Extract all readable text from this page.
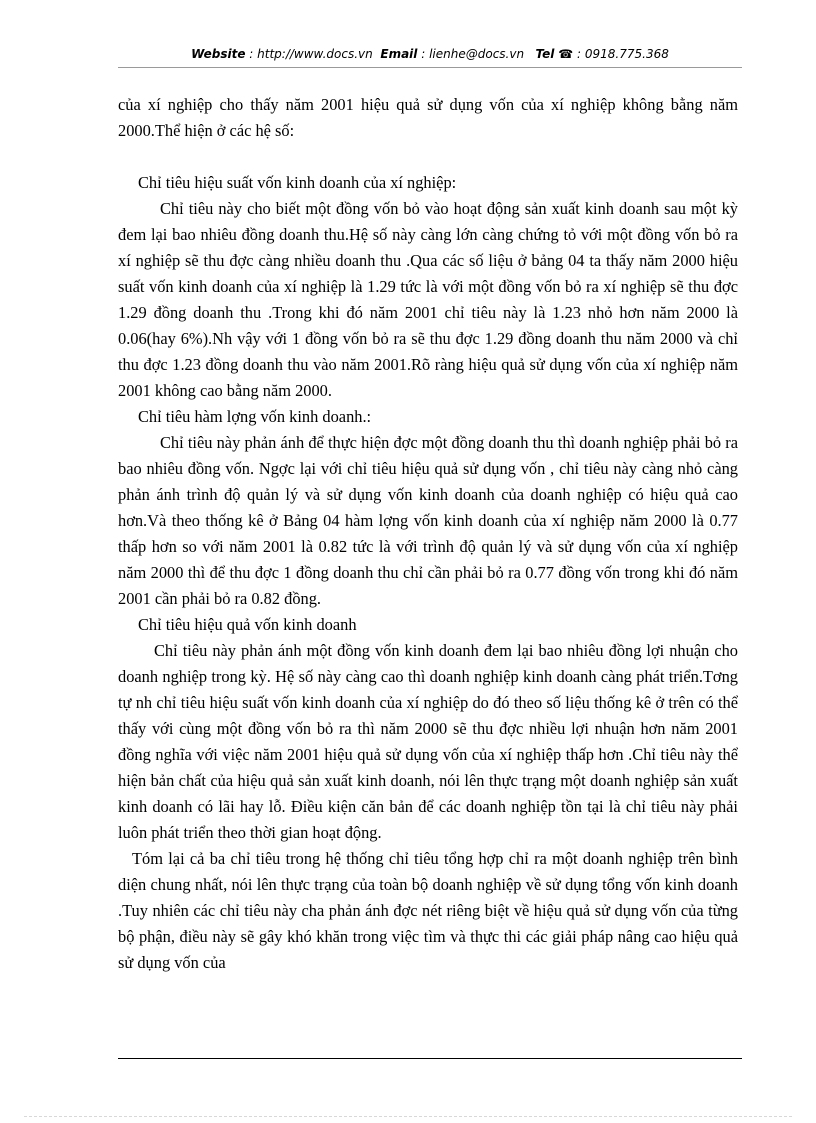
Website : http://www.docs.vn Email : lienhe@docs.vn Tel ☎ : 0918.775.368

của xí nghiệp cho thấy năm 2001 hiệu quả sử dụng vốn của xí nghiệp không bằng năm 2000.Thể hiện ở các hệ số:

Chỉ tiêu hiệu suất vốn kinh doanh của xí nghiệp:

Chỉ tiêu này cho biết một đồng vốn bỏ vào hoạt động sản xuất kinh doanh sau một kỳ đem lại bao nhiêu đồng doanh thu.Hệ số này càng lớn càng chứng tỏ với một đồng vốn bỏ ra xí nghiệp sẽ thu đợc càng nhiều doanh thu .Qua các số liệu ở bảng 04 ta thấy năm 2000 hiệu suất vốn kinh doanh của xí nghiệp là 1.29 tức là với một đồng vốn bỏ ra xí nghiệp sẽ thu đợc 1.29 đồng doanh thu .Trong khi đó năm 2001 chỉ tiêu này là 1.23 nhỏ hơn năm 2000 là 0.06(hay 6%).Nh vậy với 1 đồng vốn bỏ ra sẽ thu đợc 1.29 đồng doanh thu năm 2000 và chỉ thu đợc 1.23 đồng doanh thu vào năm 2001.Rõ ràng hiệu quả sử dụng vốn của xí nghiệp năm 2001 không cao bằng năm 2000.

Chỉ tiêu hàm lợng vốn kinh doanh.:

Chỉ tiêu này phản ánh để thực hiện đợc một đồng doanh thu thì doanh nghiệp phải bỏ ra bao nhiêu đồng vốn. Ngợc lại với chỉ tiêu hiệu quả sử dụng vốn , chỉ tiêu này càng nhỏ càng phản ánh trình độ quản lý và sử dụng vốn kinh doanh của doanh nghiệp có hiệu quả cao hơn.Và theo thống kê ở Bảng 04 hàm lợng vốn kinh doanh của xí nghiệp năm 2000 là 0.77 thấp hơn so với năm 2001 là 0.82 tức là với trình độ quản lý và sử dụng vốn của xí nghiệp năm 2000 thì để thu đợc 1 đồng doanh thu chỉ cần phải bỏ ra 0.77 đồng vốn trong khi đó năm 2001 cần phải bỏ ra 0.82 đồng.

Chỉ tiêu hiệu quả vốn kinh doanh

Chỉ tiêu này phản ánh một đồng vốn kinh doanh đem lại bao nhiêu đồng lợi nhuận cho doanh nghiệp trong kỳ. Hệ số này càng cao thì doanh nghiệp kinh doanh càng phát triển.Tơng tự nh chỉ tiêu hiệu suất vốn kinh doanh của xí nghiệp do đó theo số liệu thống kê ở trên có thể thấy với cùng một đồng vốn bỏ ra thì năm 2000 sẽ thu đợc nhiều lợi nhuận hơn năm 2001 đồng nghĩa với việc năm 2001 hiệu quả sử dụng vốn của xí nghiệp thấp hơn .Chỉ tiêu này thể hiện bản chất của hiệu quả sản xuất kinh doanh, nói lên thực trạng một doanh nghiệp sản xuất kinh doanh có lãi hay lỗ. Điều kiện căn bản để các doanh nghiệp tồn tại là chỉ tiêu này phải luôn phát triển theo thời gian hoạt động.

Tóm lại cả ba chỉ tiêu trong hệ thống chỉ tiêu tổng hợp chỉ ra một doanh nghiệp trên bình diện chung nhất, nói lên thực trạng của toàn bộ doanh nghiệp về sử dụng tổng vốn kinh doanh .Tuy nhiên các chỉ tiêu này cha phản ánh đợc nét riêng biệt về hiệu quả sử dụng vốn của từng bộ phận, điều này sẽ gây khó khăn trong việc tìm và thực thi các giải pháp nâng cao hiệu quả sử dụng vốn của
